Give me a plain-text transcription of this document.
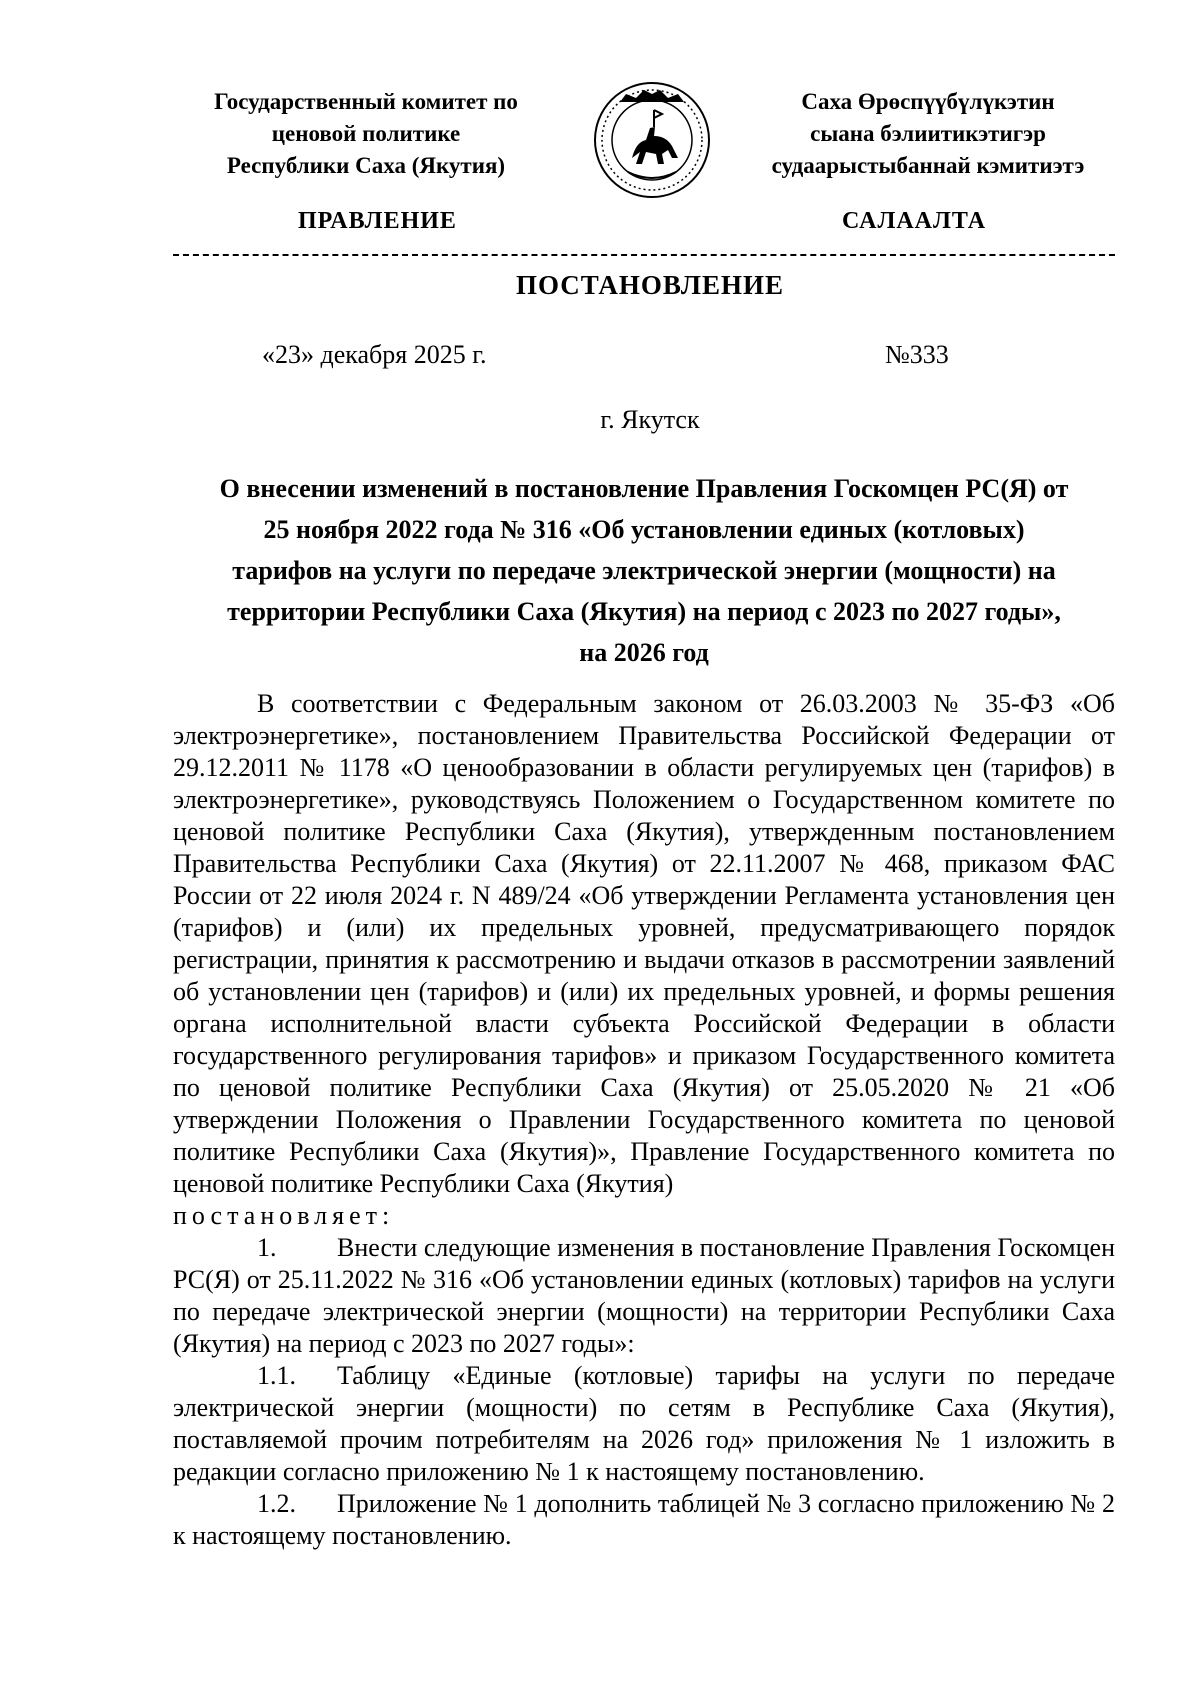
Государственный комитет по
ценовой политике
Республики Саха (Якутия)
Саха Өрөспүүбүлүкэтин
сыана бэлиитикэтигэр
судаарыстыбаннай кэмитиэтэ
ПРАВЛЕНИЕ	САЛААЛТА
ПОСТАНОВЛЕНИЕ
«23» декабря 2025 г.	№333
г. Якутск
О внесении изменений в постановление Правления Госкомцен РС(Я) от
25 ноября 2022 года № 316 «Об установлении единых (котловых)
тарифов на услуги по передаче электрической энергии (мощности) на
территории Республики Саха (Якутия) на период с 2023 по 2027 годы»,
на 2026 год

В соответствии с Федеральным законом от 26.03.2003 № 35-ФЗ «Об электроэнергетике», постановлением Правительства Российской Федерации от 29.12.2011 № 1178 «О ценообразовании в области регулируемых цен (тарифов) в электроэнергетике», руководствуясь Положением о Государственном комитете по ценовой политике Республики Саха (Якутия), утвержденным постановлением Правительства Республики Саха (Якутия) от 22.11.2007 № 468, приказом ФАС России от 22 июля 2024 г. N 489/24 «Об утверждении Регламента установления цен (тарифов) и (или) их предельных уровней, предусматривающего порядок регистрации, принятия к рассмотрению и выдачи отказов в рассмотрении заявлений об установлении цен (тарифов) и (или) их предельных уровней, и формы решения органа исполнительной власти субъекта Российской Федерации в области государственного регулирования тарифов» и приказом Государственного комитета по ценовой политике Республики Саха (Якутия) от 25.05.2020 № 21 «Об утверждении Положения о Правлении Государственного комитета по ценовой политике Республики Саха (Якутия)», Правление Государственного комитета по ценовой политике Республики Саха (Якутия)

постановляет:

1. Внести следующие изменения в постановление Правления Госкомцен РС(Я) от 25.11.2022 № 316 «Об установлении единых (котловых) тарифов на услуги по передаче электрической энергии (мощности) на территории Республики Саха (Якутия) на период с 2023 по 2027 годы»:

1.1. Таблицу «Единые (котловые) тарифы на услуги по передаче электрической энергии (мощности) по сетям в Республике Саха (Якутия), поставляемой прочим потребителям на 2026 год» приложения № 1 изложить в редакции согласно приложению № 1 к настоящему постановлению.

1.2. Приложение № 1 дополнить таблицей № 3 согласно приложению № 2 к настоящему постановлению.
